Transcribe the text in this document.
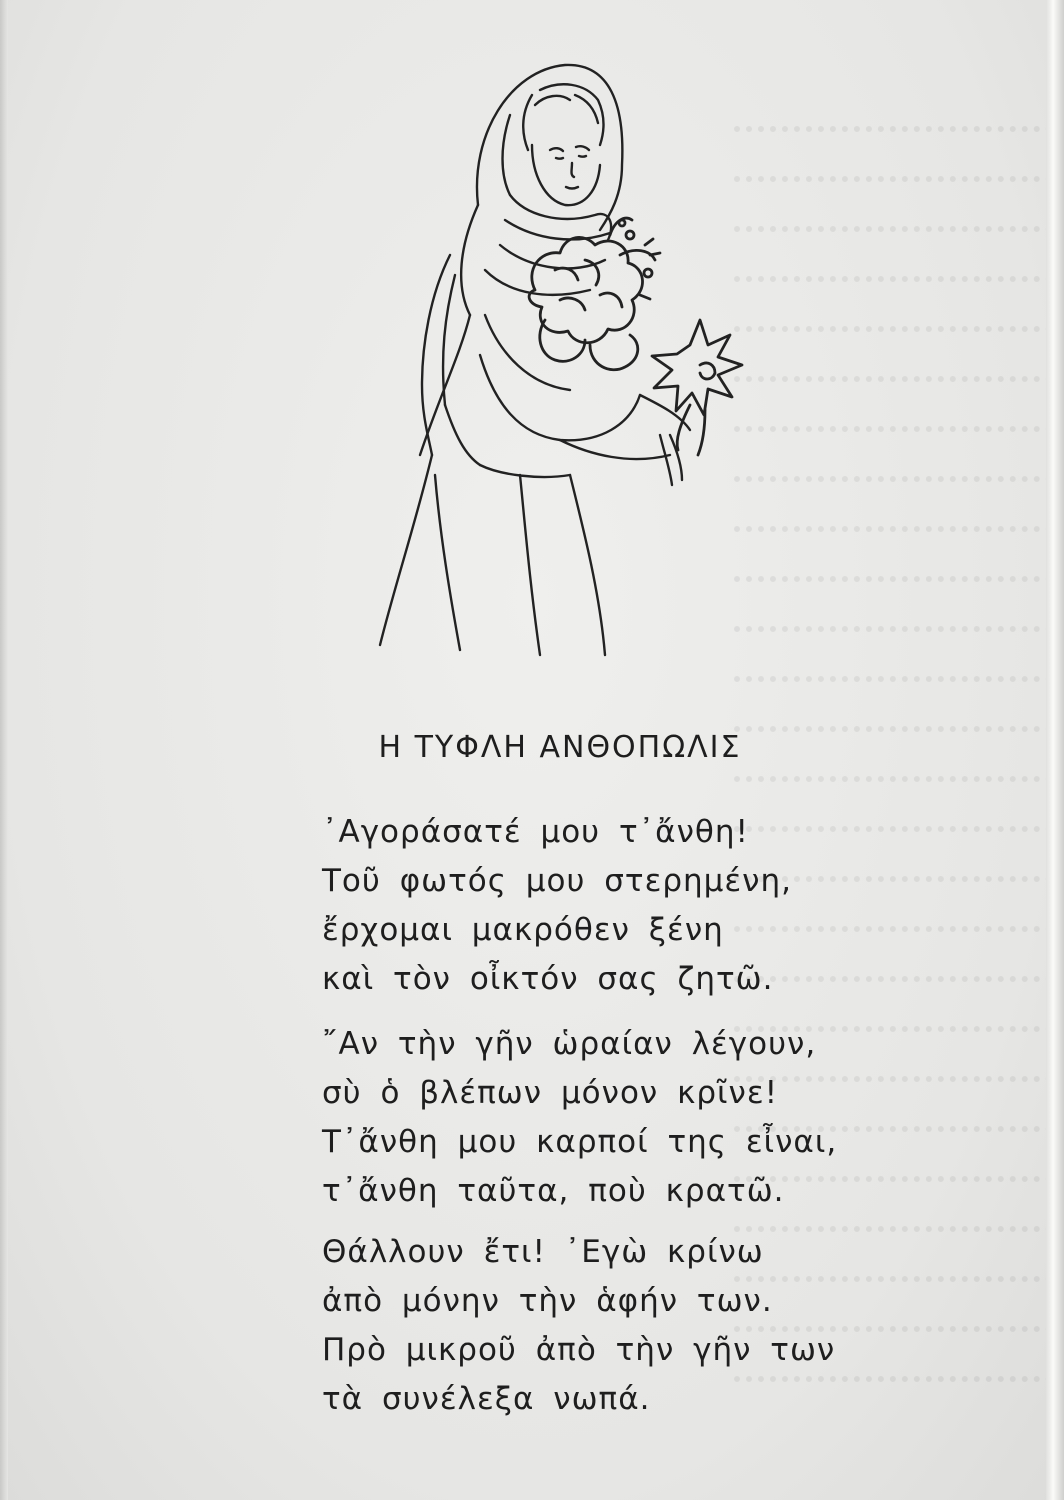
Η ΤΥΦΛΗ ΑΝΘΟΠΩΛΙΣ
᾿Αγοράσατέ μου τ᾿ἄνθη!
Τοῦ φωτός μου στερημένη,
ἔρχομαι μακρόθεν ξένη
καὶ τὸν οἶκτόν σας ζητῶ.
῎Αν τὴν γῆν ὡραίαν λέγουν,
σὺ ὁ βλέπων μόνον κρῖνε!
Τ᾿ἄνθη μου καρποί της εἶναι,
τ᾿ἄνθη ταῦτα, ποὺ κρατῶ.
Θάλλουν ἔτι! ᾿Εγὼ κρίνω
ἀπὸ μόνην τὴν ἁφήν των.
Πρὸ μικροῦ ἀπὸ τὴν γῆν των
τὰ συνέλεξα νωπά.
